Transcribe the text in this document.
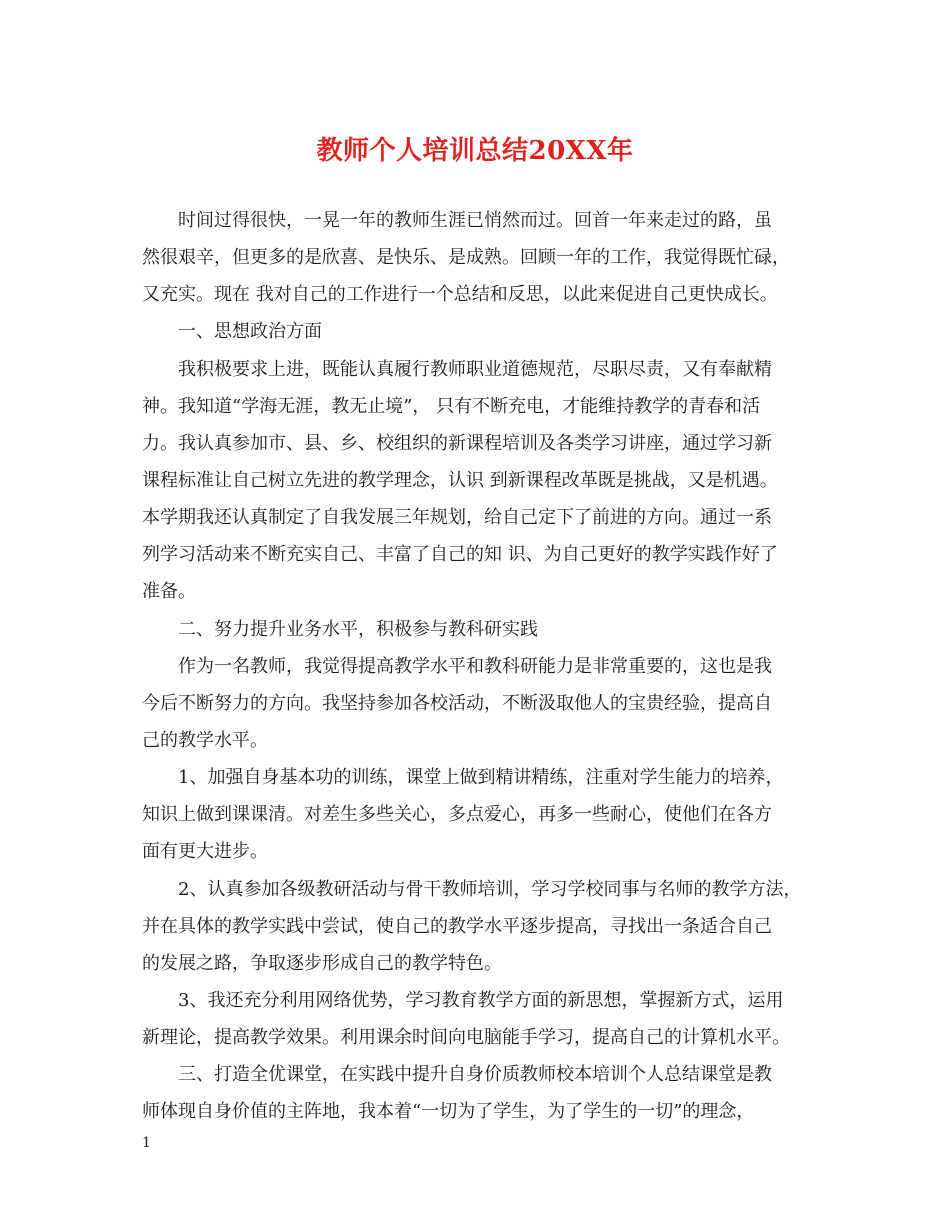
教师个人培训总结20XX年
时间过得很快，一晃一年的教师生涯已悄然而过。回首一年来走过的路，虽
然很艰辛，但更多的是欣喜、是快乐、是成熟。回顾一年的工作，我觉得既忙碌，
又充实。现在 我对自己的工作进行一个总结和反思，以此来促进自己更快成长。
一、思想政治方面
我积极要求上进，既能认真履行教师职业道德规范，尽职尽责，又有奉献精
神。我知道“学海无涯，教无止境”， 只有不断充电，才能维持教学的青春和活
力。我认真参加市、县、乡、校组织的新课程培训及各类学习讲座，通过学习新
课程标准让自己树立先进的教学理念，认识 到新课程改革既是挑战，又是机遇。
本学期我还认真制定了自我发展三年规划，给自己定下了前进的方向。通过一系
列学习活动来不断充实自己、丰富了自己的知 识、为自己更好的教学实践作好了
准备。
二、努力提升业务水平，积极参与教科研实践
作为一名教师，我觉得提高教学水平和教科研能力是非常重要的，这也是我
今后不断努力的方向。我坚持参加各校活动，不断汲取他人的宝贵经验，提高自
己的教学水平。
1、加强自身基本功的训练，课堂上做到精讲精练，注重对学生能力的培养，
知识上做到课课清。对差生多些关心，多点爱心，再多一些耐心，使他们在各方
面有更大进步。
2、认真参加各级教研活动与骨干教师培训，学习学校同事与名师的教学方法，
并在具体的教学实践中尝试，使自己的教学水平逐步提高，寻找出一条适合自己
的发展之路，争取逐步形成自己的教学特色。
3、我还充分利用网络优势，学习教育教学方面的新思想，掌握新方式，运用
新理论，提高教学效果。利用课余时间向电脑能手学习，提高自己的计算机水平。
三、打造全优课堂，在实践中提升自身价质教师校本培训个人总结课堂是教
师体现自身价值的主阵地，我本着“一切为了学生，为了学生的一切”的理念，
1
